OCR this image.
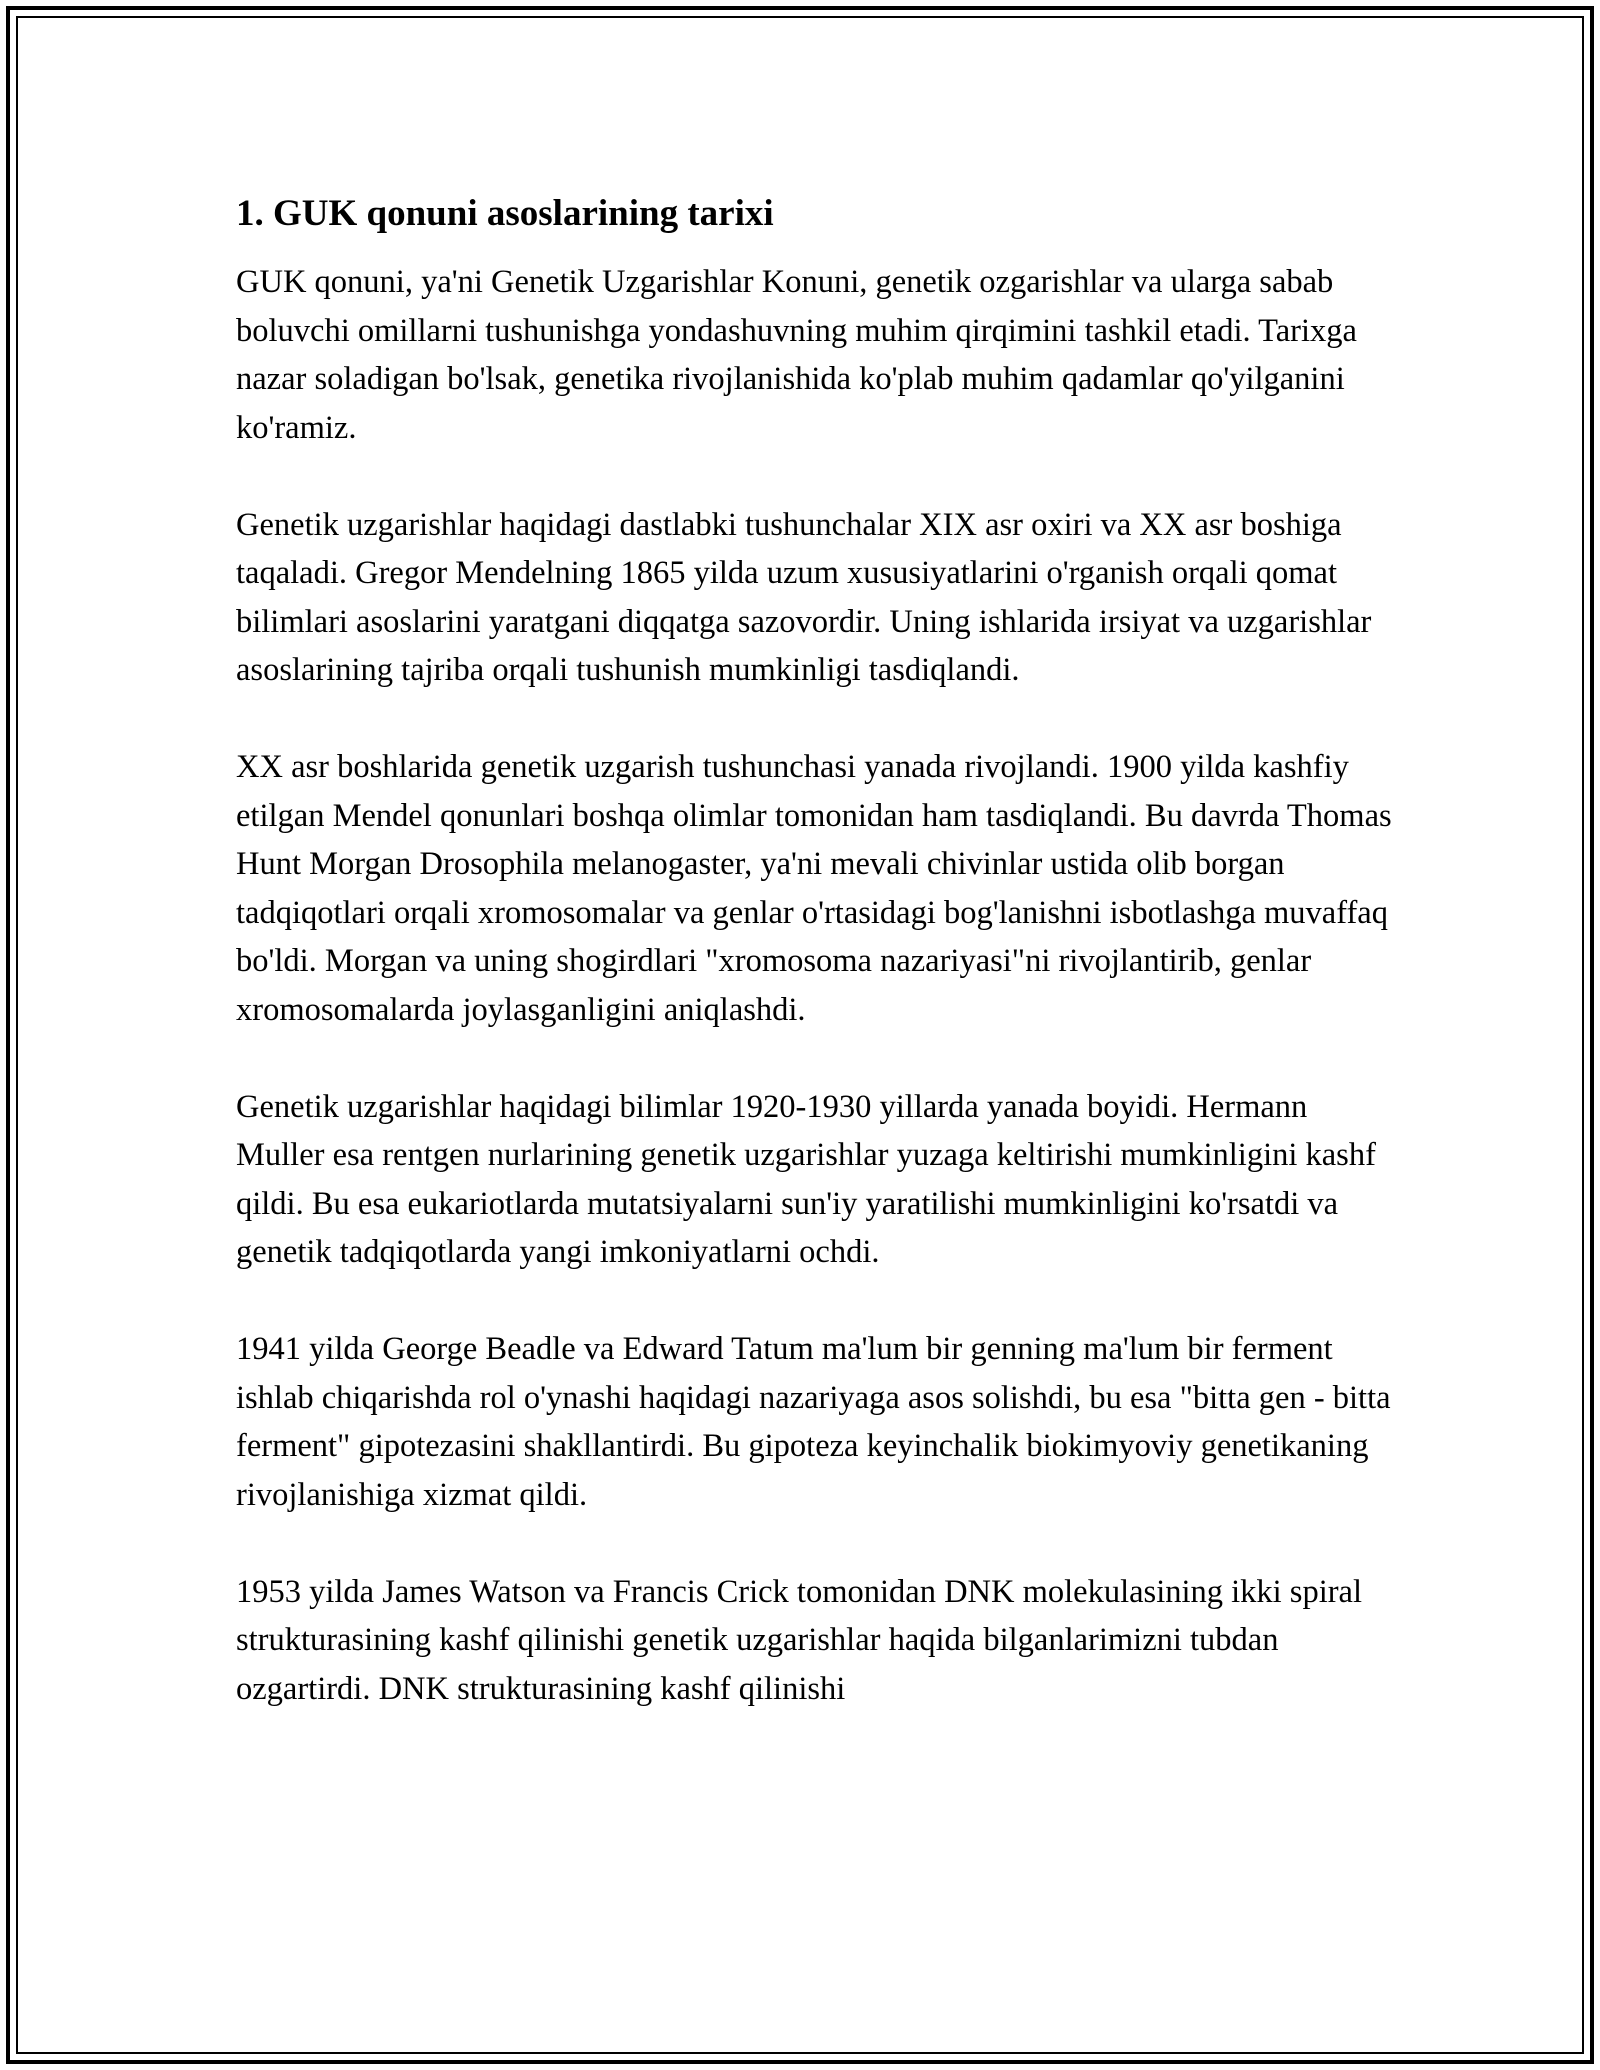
1. GUK qonuni asoslarining tarixi

GUK qonuni, ya'ni Genetik Uzgarishlar Konuni, genetik ozgarishlar va ularga sabab boluvchi omillarni tushunishga yondashuvning muhim qirqimini tashkil etadi. Tarixga nazar soladigan bo'lsak, genetika rivojlanishida ko'plab muhim qadamlar qo'yilganini ko'ramiz.

Genetik uzgarishlar haqidagi dastlabki tushunchalar XIX asr oxiri va XX asr boshiga taqaladi. Gregor Mendelning 1865 yilda uzum xususiyatlarini o'rganish orqali qomat bilimlari asoslarini yaratgani diqqatga sazovordir. Uning ishlarida irsiyat va uzgarishlar asoslarining tajriba orqali tushunish mumkinligi tasdiqlandi.

XX asr boshlarida genetik uzgarish tushunchasi yanada rivojlandi. 1900 yilda kashfiy etilgan Mendel qonunlari boshqa olimlar tomonidan ham tasdiqlandi. Bu davrda Thomas Hunt Morgan Drosophila melanogaster, ya'ni mevali chivinlar ustida olib borgan tadqiqotlari orqali xromosomalar va genlar o'rtasidagi bog'lanishni isbotlashga muvaffaq bo'ldi. Morgan va uning shogirdlari "xromosoma nazariyasi"ni rivojlantirib, genlar xromosomalarda joylasganligini aniqlashdi.

Genetik uzgarishlar haqidagi bilimlar 1920-1930 yillarda yanada boyidi. Hermann Muller esa rentgen nurlarining genetik uzgarishlar yuzaga keltirishi mumkinligini kashf qildi. Bu esa eukariotlarda mutatsiyalarni sun'iy yaratilishi mumkinligini ko'rsatdi va genetik tadqiqotlarda yangi imkoniyatlarni ochdi.

1941 yilda George Beadle va Edward Tatum ma'lum bir genning ma'lum bir ferment ishlab chiqarishda rol o'ynashi haqidagi nazariyaga asos solishdi, bu esa "bitta gen - bitta ferment" gipotezasini shakllantirdi. Bu gipoteza keyinchalik biokimyoviy genetikaning rivojlanishiga xizmat qildi.

1953 yilda James Watson va Francis Crick tomonidan DNK molekulasining ikki spiral strukturasining kashf qilinishi genetik uzgarishlar haqida bilganlarimizni tubdan ozgartirdi. DNK strukturasining kashf qilinishi
